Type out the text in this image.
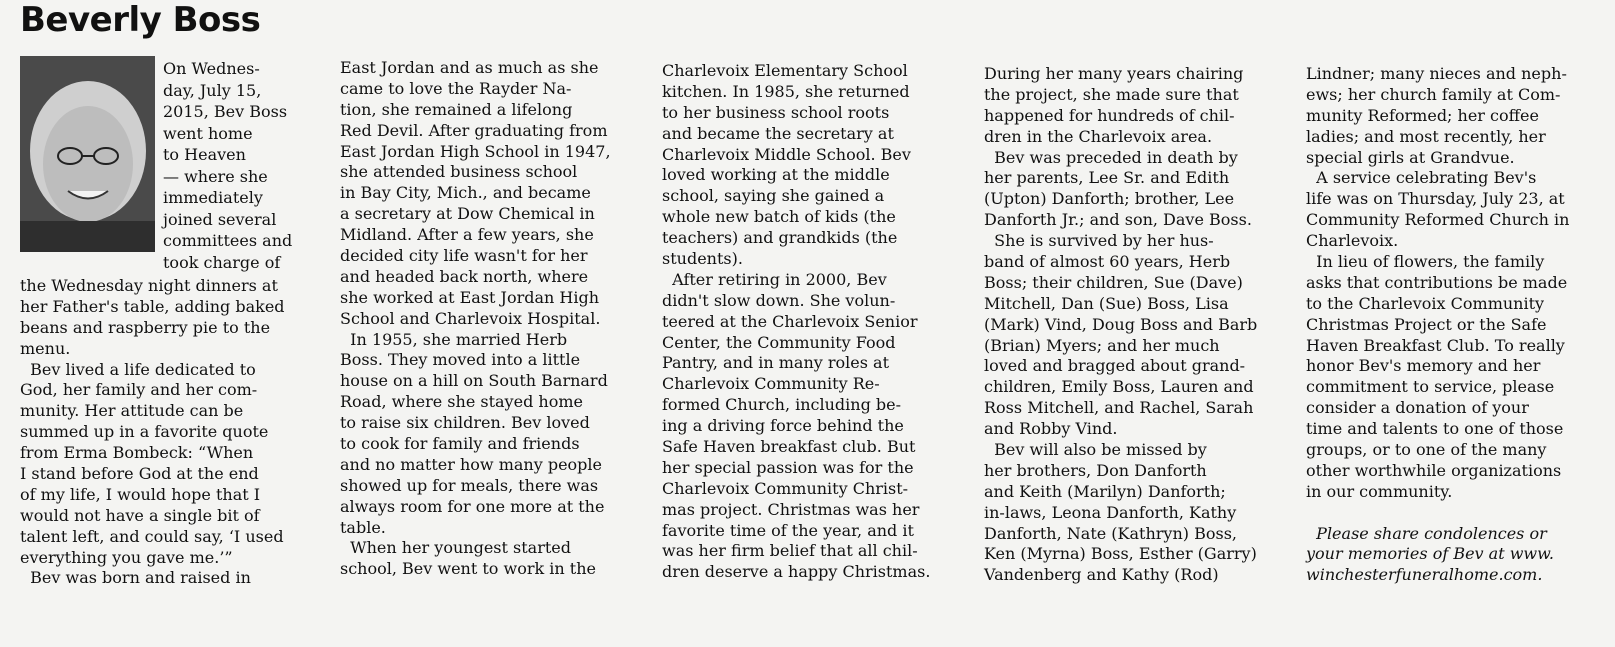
Beverly Boss
On Wednes-
day, July 15,
2015, Bev Boss
went home
to Heaven
— where she
immediately
joined several
committees and
took charge of
the Wednesday night dinners at
her Father's table, adding baked
beans and raspberry pie to the
menu.
Bev lived a life dedicated to
God, her family and her com-
munity. Her attitude can be
summed up in a favorite quote
from Erma Bombeck: “When
I stand before God at the end
of my life, I would hope that I
would not have a single bit of
talent left, and could say, ‘I used
everything you gave me.’”
Bev was born and raised in
East Jordan and as much as she
came to love the Rayder Na-
tion, she remained a lifelong
Red Devil. After graduating from
East Jordan High School in 1947,
she attended business school
in Bay City, Mich., and became
a secretary at Dow Chemical in
Midland. After a few years, she
decided city life wasn't for her
and headed back north, where
she worked at East Jordan High
School and Charlevoix Hospital.
In 1955, she married Herb
Boss. They moved into a little
house on a hill on South Barnard
Road, where she stayed home
to raise six children. Bev loved
to cook for family and friends
and no matter how many people
showed up for meals, there was
always room for one more at the
table.
When her youngest started
school, Bev went to work in the
Charlevoix Elementary School
kitchen. In 1985, she returned
to her business school roots
and became the secretary at
Charlevoix Middle School. Bev
loved working at the middle
school, saying she gained a
whole new batch of kids (the
teachers) and grandkids (the
students).
After retiring in 2000, Bev
didn't slow down. She volun-
teered at the Charlevoix Senior
Center, the Community Food
Pantry, and in many roles at
Charlevoix Community Re-
formed Church, including be-
ing a driving force behind the
Safe Haven breakfast club. But
her special passion was for the
Charlevoix Community Christ-
mas project. Christmas was her
favorite time of the year, and it
was her firm belief that all chil-
dren deserve a happy Christmas.
During her many years chairing
the project, she made sure that
happened for hundreds of chil-
dren in the Charlevoix area.
Bev was preceded in death by
her parents, Lee Sr. and Edith
(Upton) Danforth; brother, Lee
Danforth Jr.; and son, Dave Boss.
She is survived by her hus-
band of almost 60 years, Herb
Boss; their children, Sue (Dave)
Mitchell, Dan (Sue) Boss, Lisa
(Mark) Vind, Doug Boss and Barb
(Brian) Myers; and her much
loved and bragged about grand-
children, Emily Boss, Lauren and
Ross Mitchell, and Rachel, Sarah
and Robby Vind.
Bev will also be missed by
her brothers, Don Danforth
and Keith (Marilyn) Danforth;
in-laws, Leona Danforth, Kathy
Danforth, Nate (Kathryn) Boss,
Ken (Myrna) Boss, Esther (Garry)
Vandenberg and Kathy (Rod)
Lindner; many nieces and neph-
ews; her church family at Com-
munity Reformed; her coffee
ladies; and most recently, her
special girls at Grandvue.
A service celebrating Bev's
life was on Thursday, July 23, at
Community Reformed Church in
Charlevoix.
In lieu of flowers, the family
asks that contributions be made
to the Charlevoix Community
Christmas Project or the Safe
Haven Breakfast Club. To really
honor Bev's memory and her
commitment to service, please
consider a donation of your
time and talents to one of those
groups, or to one of the many
other worthwhile organizations
in our community.
Please share condolences or
your memories of Bev at www.
winchesterfuneralhome.com.
